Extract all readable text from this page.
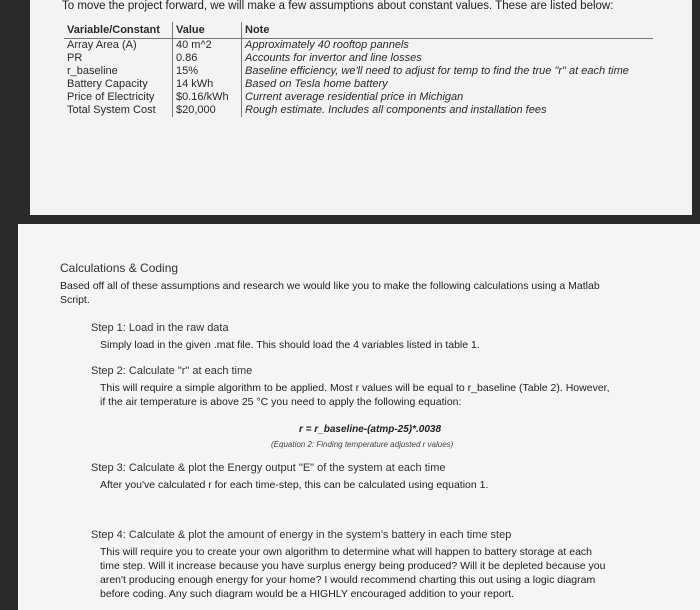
To move the project forward, we will make a few assumptions about constant values. These are listed below:
Variable/Constant	Value	Note
Array Area (A)	40 m^2	Approximately 40 rooftop pannels
PR	0.86	Accounts for invertor and line losses
r_baseline	15%	Baseline efficiency, we'll need to adjust for temp to find the true "r" at each time
Battery Capacity	14 kWh	Based on Tesla home battery
Price of Electricity	$0.16/kWh	Current average residential price in Michigan
Total System Cost	$20,000	Rough estimate. Includes all components and installation fees
Calculations & Coding
Based off all of these assumptions and research we would like you to make the following calculations using a Matlab
Script.
Step 1: Load in the raw data
Simply load in the given .mat file. This should load the 4 variables listed in table 1.
Step 2: Calculate "r" at each time
This will require a simple algorithm to be applied. Most r values will be equal to r_baseline (Table 2). However,
if the air temperature is above 25 °C you need to apply the following equation:
r = r_baseline-(atmp-25)*.0038
(Equation 2: Finding temperature adjusted r values)
Step 3: Calculate & plot the Energy output "E" of the system at each time
After you've calculated r for each time-step, this can be calculated using equation 1.
Step 4: Calculate & plot the amount of energy in the system's battery in each time step
This will require you to create your own algorithm to determine what will happen to battery storage at each
time step. Will it increase because you have surplus energy being produced? Will it be depleted because you
aren't producing enough energy for your home? I would recommend charting this out using a logic diagram
before coding. Any such diagram would be a HIGHLY encouraged addition to your report.
